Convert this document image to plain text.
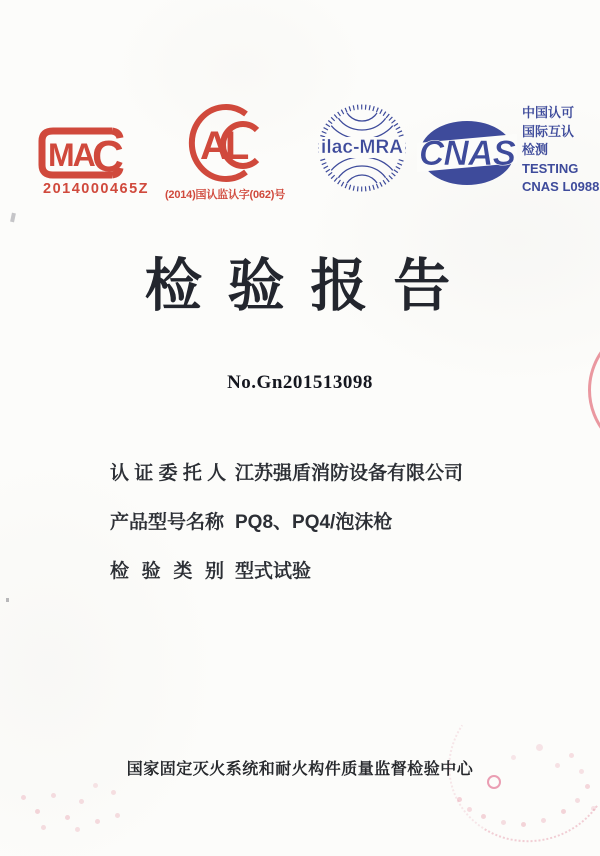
MA
C
2014000465Z
AL
(2014)国认监认字(062)号
ilac-MRA CNAS
中国认可
国际互认
检测
TESTING
CNAS L0988
检 验 报 告
No.Gn201513098
认 证 委 托 人 江苏强盾消防设备有限公司
产品型号名称 PQ8、PQ4/泡沫枪
检 验 类 别 型式试验
国家固定灭火系统和耐火构件质量监督检验中心
